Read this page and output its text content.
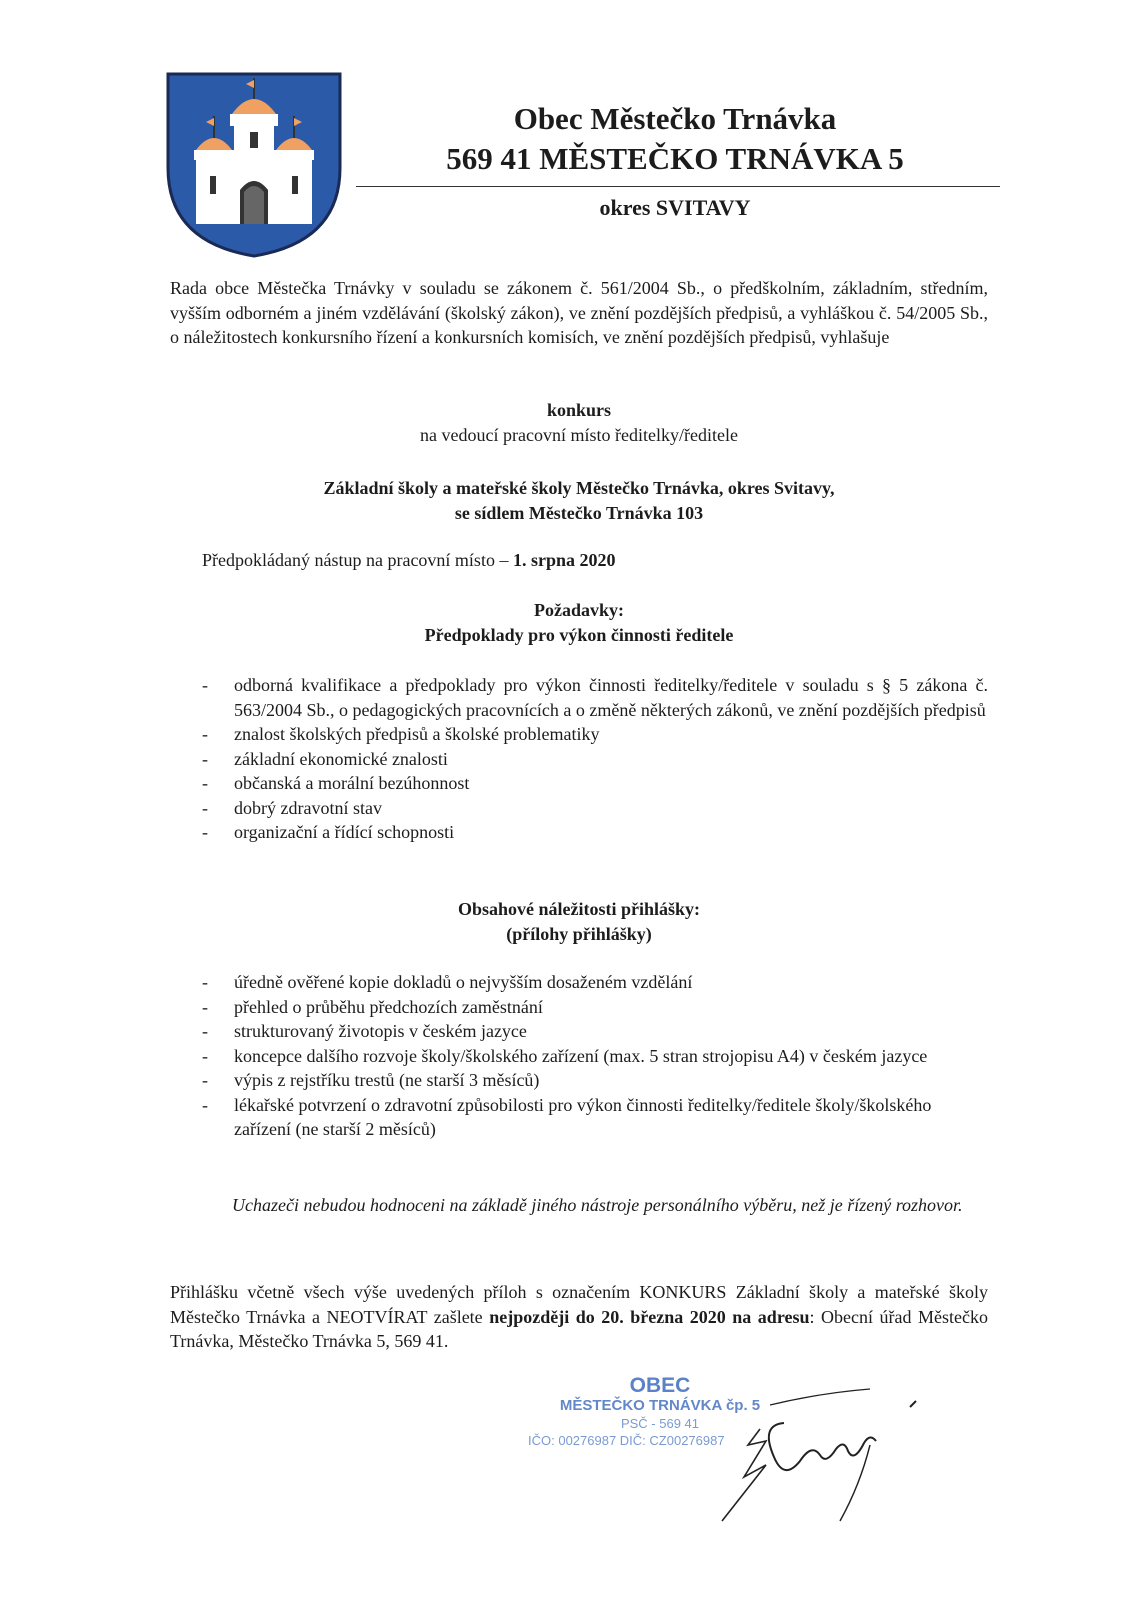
Obec Městečko Trnávka
569 41 MĚSTEČKO TRNÁVKA 5
okres SVITAVY
Rada obce Městečka Trnávky v souladu se zákonem č. 561/2004 Sb., o předškolním, základním, středním, vyšším odborném a jiném vzdělávání (školský zákon), ve znění pozdějších předpisů, a vyhláškou č. 54/2005 Sb., o náležitostech konkursního řízení a konkursních komisích, ve znění pozdějších předpisů, vyhlašuje
konkurs
na vedoucí pracovní místo ředitelky/ředitele
Základní školy a mateřské školy Městečko Trnávka, okres Svitavy,
se sídlem Městečko Trnávka 103
Předpokládaný nástup na pracovní místo – 1. srpna 2020
Požadavky:
Předpoklady pro výkon činnosti ředitele
- odborná kvalifikace a předpoklady pro výkon činnosti ředitelky/ředitele v souladu s § 5 zákona č. 563/2004 Sb., o pedagogických pracovnících a o změně některých zákonů, ve znění pozdějších předpisů
- znalost školských předpisů a školské problematiky
- základní ekonomické znalosti
- občanská a morální bezúhonnost
- dobrý zdravotní stav
- organizační a řídící schopnosti
Obsahové náležitosti přihlášky:
(přílohy přihlášky)
- úředně ověřené kopie dokladů o nejvyšším dosaženém vzdělání
- přehled o průběhu předchozích zaměstnání
- strukturovaný životopis v českém jazyce
- koncepce dalšího rozvoje školy/školského zařízení (max. 5 stran strojopisu A4) v českém jazyce
- výpis z rejstříku trestů (ne starší 3 měsíců)
- lékařské potvrzení o zdravotní způsobilosti pro výkon činnosti ředitelky/ředitele školy/školského zařízení (ne starší 2 měsíců)
Uchazeči nebudou hodnoceni na základě jiného nástroje personálního výběru, než je řízený rozhovor.
Přihlášku včetně všech výše uvedených příloh s označením KONKURS Základní školy a mateřské školy Městečko Trnávka a NEOTVÍRAT zašlete nejpozději do 20. března 2020 na adresu: Obecní úřad Městečko Trnávka, Městečko Trnávka 5, 569 41.
OBEC
MĚSTEČKO TRNÁVKA čp. 5
PSČ - 569 41
IČO: 00276987 DIČ: CZ00276987
